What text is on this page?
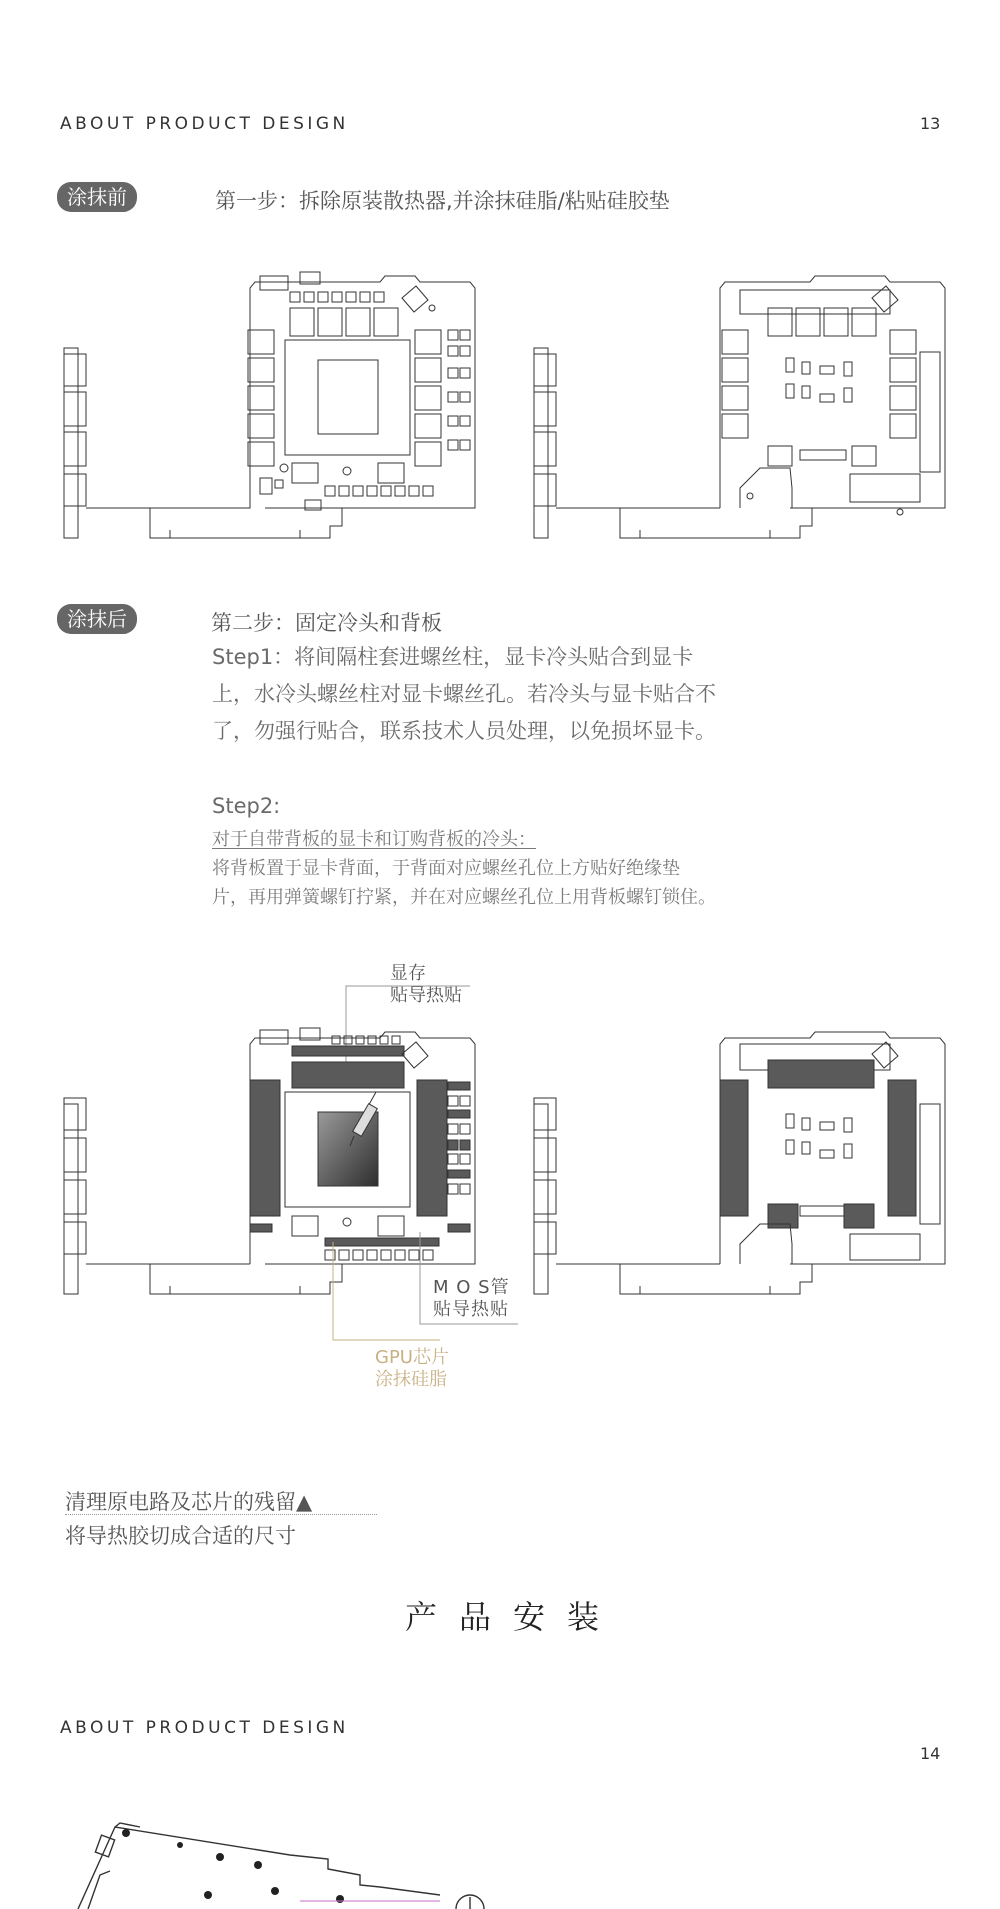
ABOUT PRODUCT DESIGN	13
涂抹前	第一步：拆除原装散热器,并涂抹硅脂/粘贴硅胶垫
涂抹后	第二步：固定冷头和背板
Step1：将间隔柱套进螺丝柱，显卡冷头贴合到显卡
上，水冷头螺丝柱对显卡螺丝孔。若冷头与显卡贴合不
了，勿强行贴合，联系技术人员处理，以免损坏显卡。
Step2:
对于自带背板的显卡和订购背板的冷头：
将背板置于显卡背面，于背面对应螺丝孔位上方贴好绝缘垫
片，再用弹簧螺钉拧紧，并在对应螺丝孔位上用背板螺钉锁住。
显存
贴导热贴
M O S管
贴导热贴
GPU芯片
涂抹硅脂
清理原电路及芯片的残留▲
将导热胶切成合适的尺寸
产品安装
ABOUT PRODUCT DESIGN
14
